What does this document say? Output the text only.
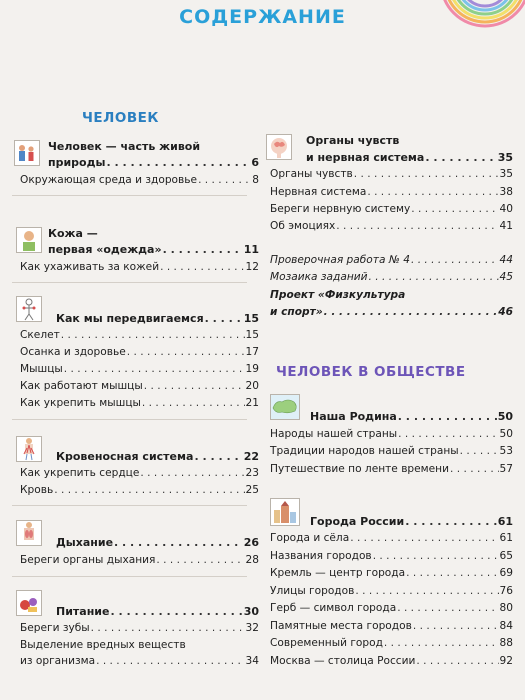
СОДЕРЖАНИЕ
ЧЕЛОВЕК
Человек — часть живой
природы . . .	6
Окружающая среда и здоровье . . .	8
Кожа —
первая «одежда» . . .	11
Как ухаживать за кожей . . .	12
Как мы передвигаемся . . .	15
Скелет . . .	15
Осанка и здоровье . . .	17
Мышцы . . .	19
Как работают мышцы . . .	20
Как укрепить мышцы . . .	21
Кровеносная система . . .	22
Как укрепить сердце . . .	23
Кровь . . .	25
Дыхание . . .	26
Береги органы дыхания . . .	28
Питание . . .	30
Береги зубы . . .	32
Выделение вредных веществ
из организма . . .	34
Органы чувств
и нервная система . . .	35
Органы чувств . . .	35
Нервная система . . .	38
Береги нервную систему . . .	40
Об эмоциях . . .	41
Проверочная работа № 4 . . .	44
Мозаика заданий . . .	45
Проект «Физкультура
и спорт» . . .	46
ЧЕЛОВЕК В ОБЩЕСТВЕ
Наша Родина . . .	50
Народы нашей страны . . .	50
Традиции народов нашей страны . . .	53
Путешествие по ленте времени . . .	57
Города России . . .	61
Города и сёла . . .	61
Названия городов . . .	65
Кремль — центр города . . .	69
Улицы городов . . .	76
Герб — символ города . . .	80
Памятные места городов . . .	84
Современный город . . .	88
Москва — столица России . . .	92
